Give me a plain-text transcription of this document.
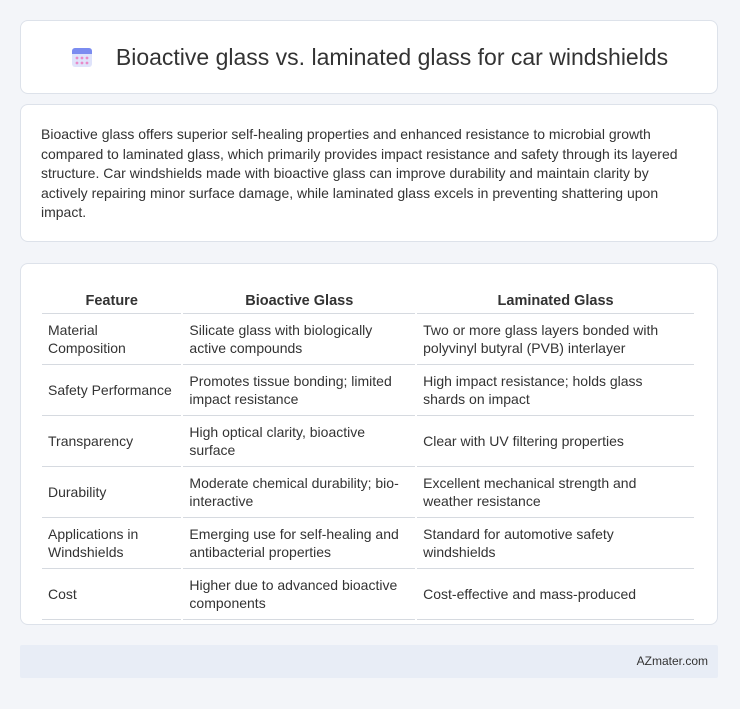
Bioactive glass vs. laminated glass for car windshields

Bioactive glass offers superior self-healing properties and enhanced resistance to microbial growth compared to laminated glass, which primarily provides impact resistance and safety through its layered structure. Car windshields made with bioactive glass can improve durability and maintain clarity by actively repairing minor surface damage, while laminated glass excels in preventing shattering upon impact.

Feature	Bioactive Glass	Laminated Glass
Material Composition	Silicate glass with biologically active compounds	Two or more glass layers bonded with polyvinyl butyral (PVB) interlayer
Safety Performance	Promotes tissue bonding; limited impact resistance	High impact resistance; holds glass shards on impact
Transparency	High optical clarity, bioactive surface	Clear with UV filtering properties
Durability	Moderate chemical durability; bio-interactive	Excellent mechanical strength and weather resistance
Applications in Windshields	Emerging use for self-healing and antibacterial properties	Standard for automotive safety windshields
Cost	Higher due to advanced bioactive components	Cost-effective and mass-produced
AZmater.com
